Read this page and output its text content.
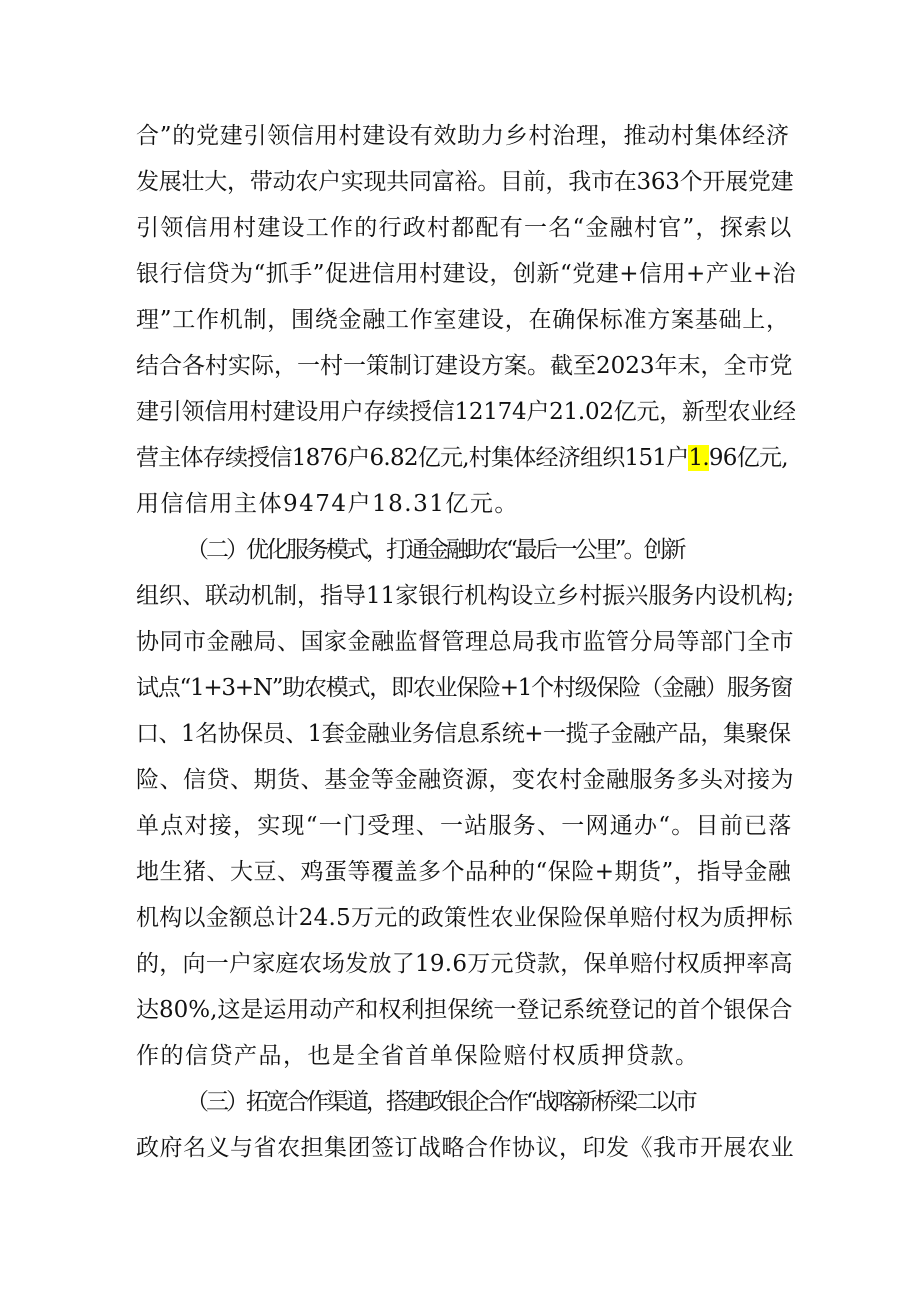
合”的党建引领信用村建设有效助力乡村治理，推动村集体经济
发展壮大，带动农户实现共同富裕。目前，我市在363个开展党建
引领信用村建设工作的行政村都配有一名“金融村官”，探索以
银行信贷为“抓手”促进信用村建设，创新“党建+信用+产业+治
理”工作机制，围绕金融工作室建设，在确保标准方案基础上，
结合各村实际，一村一策制订建设方案。截至2023年末，全市党
建引领信用村建设用户存续授信12174户21.02亿元，新型农业经
营主体存续授信1876户6.82亿元,村集体经济组织151户1.96亿元,
用信信用主体9474户18.31亿元。
（二）优化服务模式，打通金融助农“最后一公里”。创新
组织、联动机制，指导11家银行机构设立乡村振兴服务内设机构;
协同市金融局、国家金融监督管理总局我市监管分局等部门全市
试点“1+3+N”助农模式，即农业保险+1个村级保险（金融）服务窗
口、1名协保员、1套金融业务信息系统+一揽子金融产品，集聚保
险、信贷、期货、基金等金融资源，变农村金融服务多头对接为
单点对接，实现“一门受理、一站服务、一网通办“。目前已落
地生猪、大豆、鸡蛋等覆盖多个品种的“保险+期货”，指导金融
机构以金额总计24.5万元的政策性农业保险保单赔付权为质押标
的，向一户家庭农场发放了19.6万元贷款，保单赔付权质押率高
达80%,这是运用动产和权利担保统一登记系统登记的首个银保合
作的信贷产品，也是全省首单保险赔付权质押贷款。
（三）拓宽合作渠道，搭建政银企合作“战喀新桥梁二以市
政府名义与省农担集团签订战略合作协议，印发《我市开展农业
